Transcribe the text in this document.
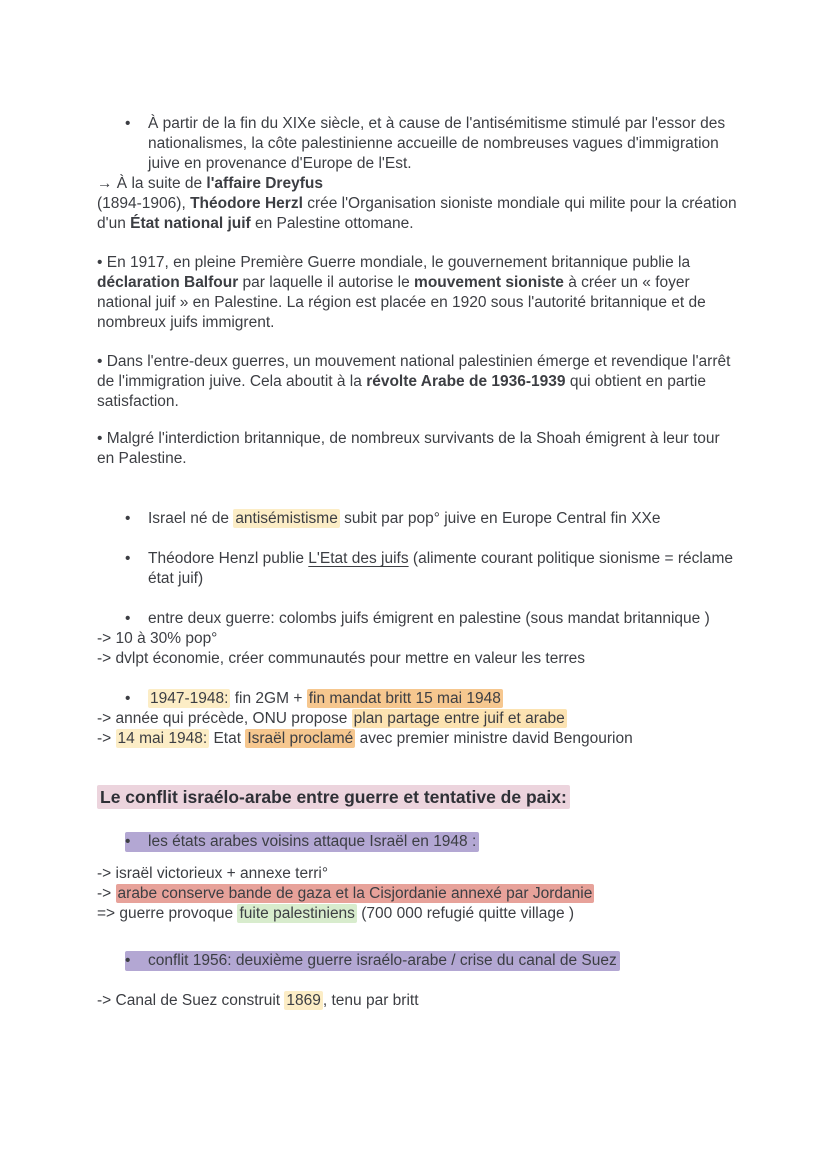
•	À partir de la fin du XIXe siècle, et à cause de l'antisémitisme stimulé par l'essor des nationalismes, la côte palestinienne accueille de nombreuses vagues d'immigration juive en provenance d'Europe de l'Est.

→ À la suite de l'affaire Dreyfus

(1894-1906), Théodore Herzl crée l'Organisation sioniste mondiale qui milite pour la création d'un État national juif en Palestine ottomane.

• En 1917, en pleine Première Guerre mondiale, le gouvernement britannique publie la déclaration Balfour par laquelle il autorise le mouvement sioniste à créer un « foyer national juif » en Palestine. La région est placée en 1920 sous l'autorité britannique et de nombreux juifs immigrent.

• Dans l'entre-deux guerres, un mouvement national palestinien émerge et revendique l'arrêt de l'immigration juive. Cela aboutit à la révolte Arabe de 1936-1939 qui obtient en partie satisfaction.

• Malgré l'interdiction britannique, de nombreux survivants de la Shoah émigrent à leur tour en Palestine.

•	Israel né de antisémistisme subit par pop° juive en Europe Central fin XXe
•	Théodore Henzl publie L'Etat des juifs (alimente courant politique sionisme = réclame état juif)
•	entre deux guerre: colombs juifs émigrent en palestine (sous mandat britannique )

-> 10 à 30% pop°

-> dvlpt économie, créer communautés pour mettre en valeur les terres

•	1947-1948: fin 2GM + fin mandat britt 15 mai 1948

-> année qui précède, ONU propose plan partage entre juif et arabe

-> 14 mai 1948: Etat Israël proclamé avec premier ministre david Bengourion

Le conflit israélo-arabe entre guerre et tentative de paix:

•	les états arabes voisins attaque Israël en 1948 :

-> israël victorieux + annexe terri°

-> arabe conserve bande de gaza et la Cisjordanie annexé par Jordanie

=> guerre provoque fuite palestiniens (700 000 refugié quitte village )

•	conflit 1956: deuxième guerre israélo-arabe / crise du canal de Suez

-> Canal de Suez construit 1869 , tenu par britt
